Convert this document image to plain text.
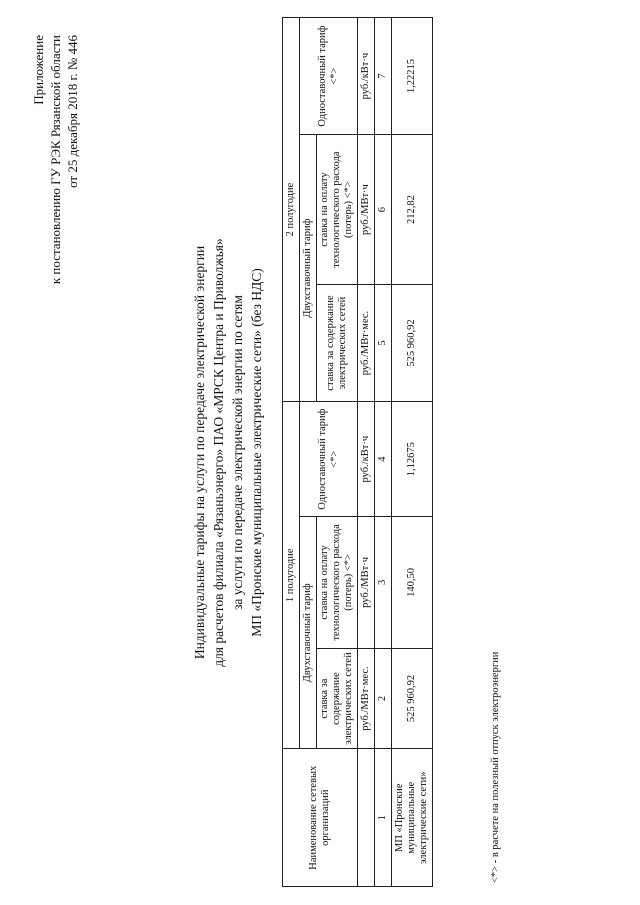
Приложение к постановлению ГУ РЭК Рязанской области от 25 декабря 2018 г. № 446
Индивидуальные тарифы на услуги по передаче электрической энергии для расчетов филиала «Рязаньэнерго» ПАО «МРСК Центра и Приволжья» за услуги по передаче электрической энергии по сетям МП «Пронские муниципальные электрические сети» (без НДС)
Наименование сетевых организаций	1 полугодие			2 полугодие		
	Двухставочный тариф		Одноставочный тариф <*>	Двухставочный тариф		Одноставочный тариф <*>
	ставка за содержание электрических сетей	ставка на оплату технологического расхода (потерь) <*>		ставка за содержание электрических сетей	ставка на оплату технологического расхода (потерь) <*>	
	руб./МВт·мес.	руб./МВт·ч	руб./кВт·ч	руб./МВт·мес.	руб./МВт·ч	руб./кВт·ч
1	2	3	4	5	6	7
МП «Пронские муниципальные электрические сети»	525 960,92	140,50	1,12675	525 960,92	212,82	1,22215
<*> - в расчете на полезный отпуск электроэнергии
